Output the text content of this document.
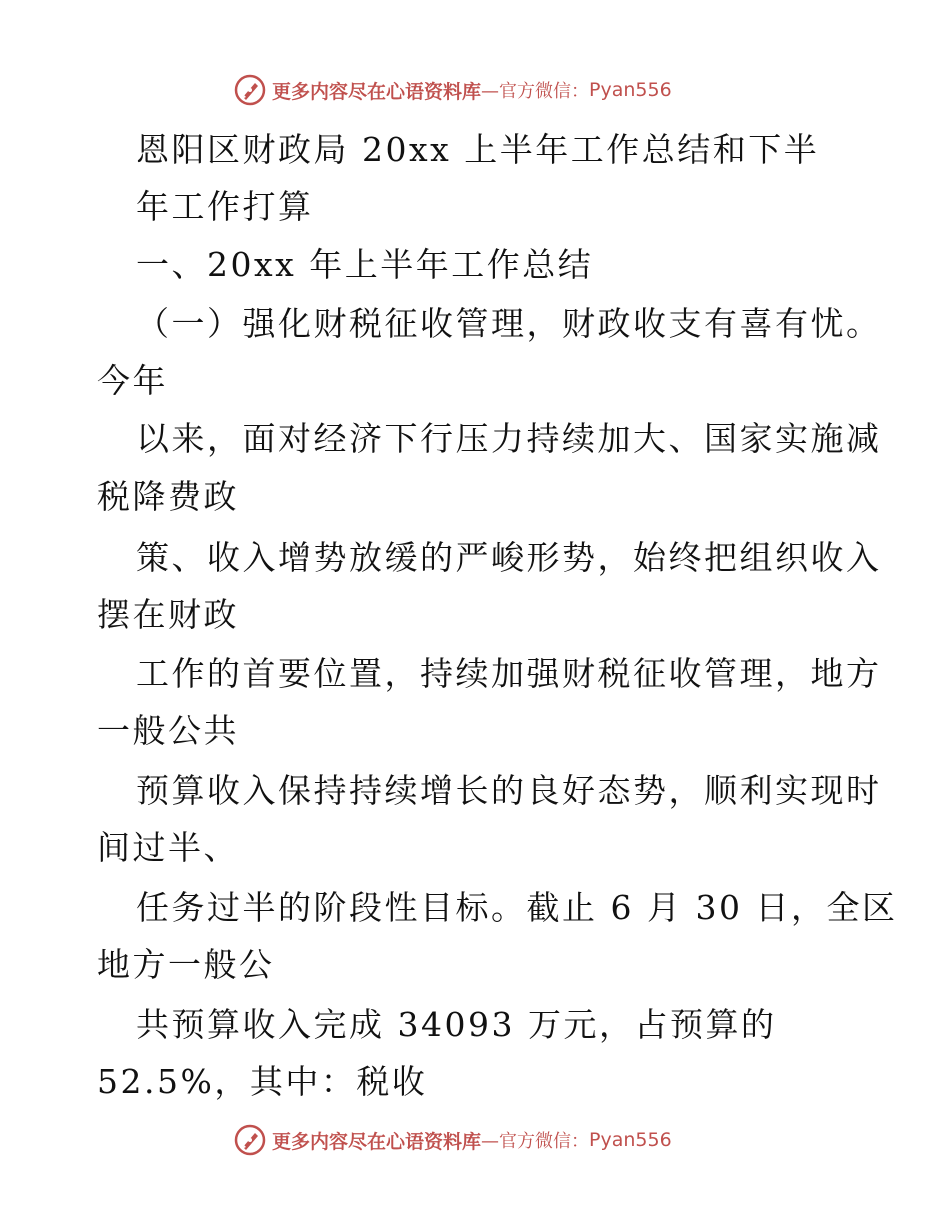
更多内容尽在心语资料库 —官方微信： Pyan556
恩阳区财政局 20xx 上半年工作总结和下半
年工作打算
一、20xx 年上半年工作总结
（一）强化财税征收管理，财政收支有喜有忧。
今年
以来，面对经济下行压力持续加大、国家实施减
税降费政
策、收入增势放缓的严峻形势，始终把组织收入
摆在财政
工作的首要位置，持续加强财税征收管理，地方
一般公共
预算收入保持持续增长的良好态势，顺利实现时
间过半、
任务过半的阶段性目标。截止 6 月 30 日，全区
地方一般公
共预算收入完成 34093 万元，占预算的
52.5%，其中：税收
更多内容尽在心语资料库 —官方微信： Pyan556
